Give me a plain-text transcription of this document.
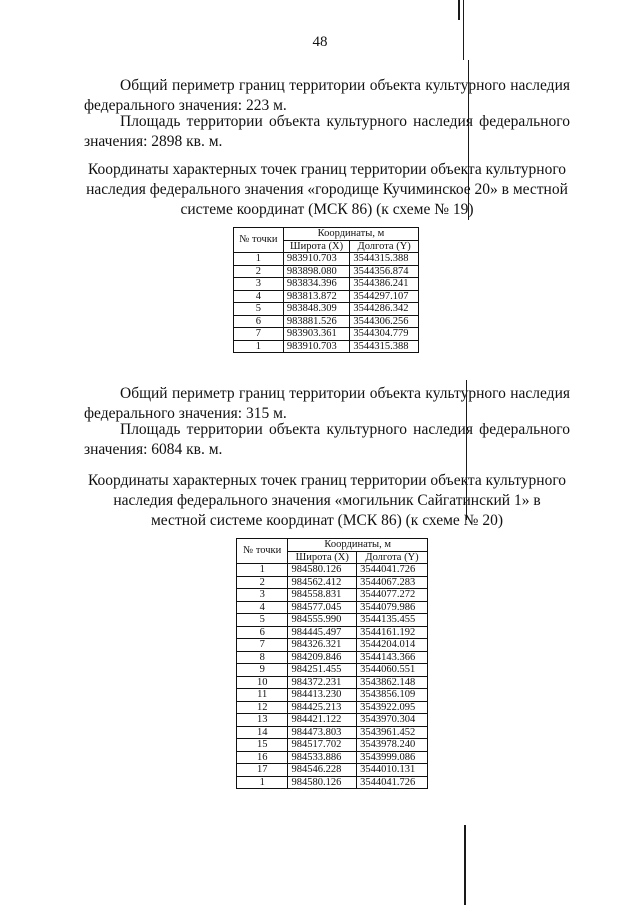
48

Общий периметр границ территории объекта культурного наследия федерального значения: 223 м.

Площадь территории объекта культурного наследия федерального значения: 2898 кв. м.

Координаты характерных точек границ территории объекта культурного наследия федерального значения «городище Кучиминское 20» в местной системе координат (МСК 86) (к схеме № 19)

№ точки	Координаты, м	
	Широта (X)	Долгота (Y)
1	983910.703	3544315.388
2	983898.080	3544356.874
3	983834.396	3544386.241
4	983813.872	3544297.107
5	983848.309	3544286.342
6	983881.526	3544306.256
7	983903.361	3544304.779
1	983910.703	3544315.388

Общий периметр границ территории объекта культурного наследия федерального значения: 315 м.

Площадь территории объекта культурного наследия федерального значения: 6084 кв. м.

Координаты характерных точек границ территории объекта культурного наследия федерального значения «могильник Сайгатинский 1» в местной системе координат (МСК 86) (к схеме № 20)

№ точки	Координаты, м	
	Широта (X)	Долгота (Y)
1	984580.126	3544041.726
2	984562.412	3544067.283
3	984558.831	3544077.272
4	984577.045	3544079.986
5	984555.990	3544135.455
6	984445.497	3544161.192
7	984326.321	3544204.014
8	984209.846	3544143.366
9	984251.455	3544060.551
10	984372.231	3543862.148
11	984413.230	3543856.109
12	984425.213	3543922.095
13	984421.122	3543970.304
14	984473.803	3543961.452
15	984517.702	3543978.240
16	984533.886	3543999.086
17	984546.228	3544010.131
1	984580.126	3544041.726
